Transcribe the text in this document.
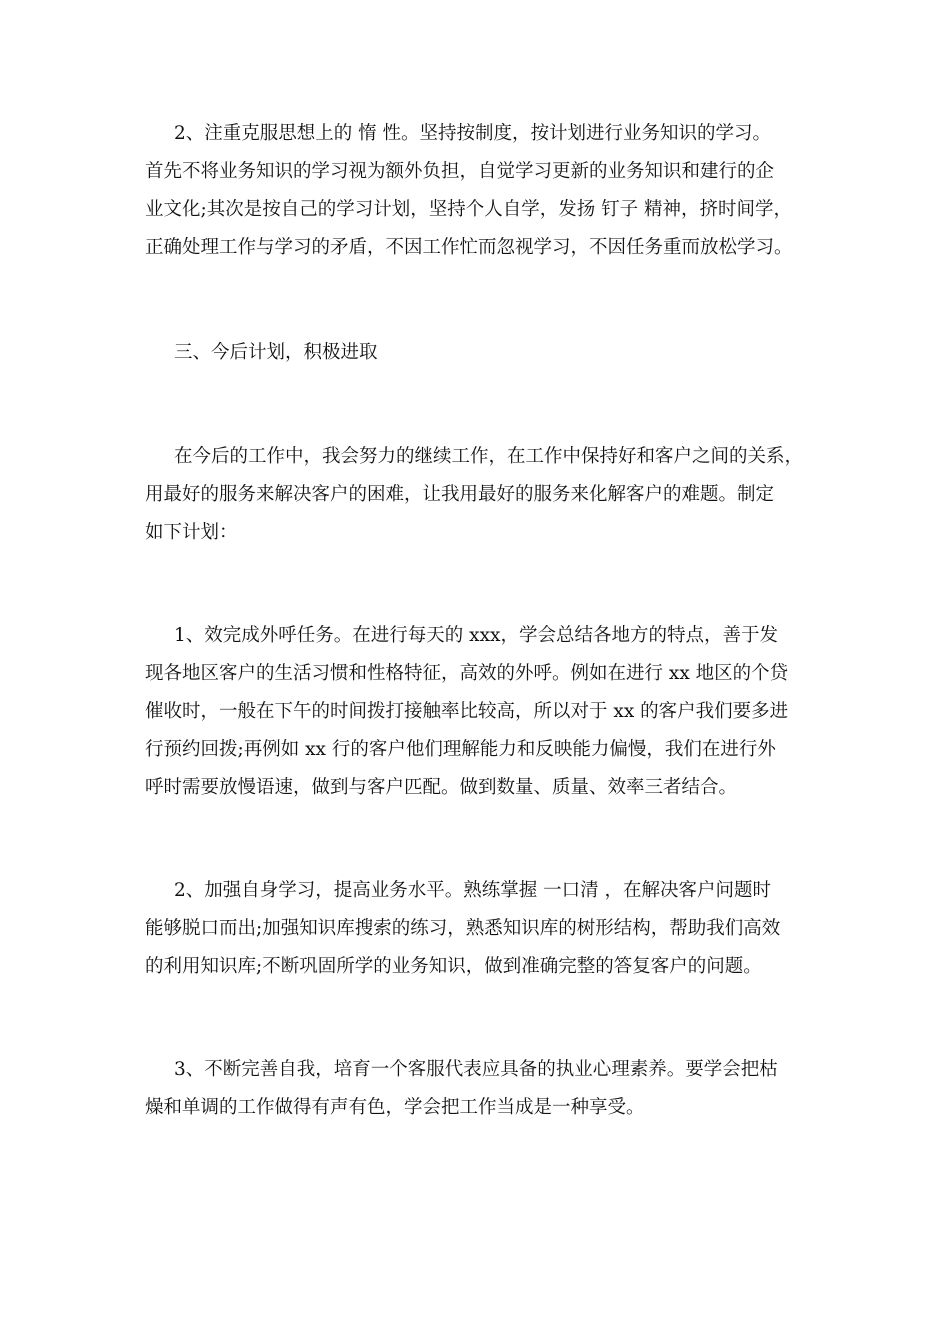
2、注重克服思想上的 惰 性。坚持按制度，按计划进行业务知识的学习。
首先不将业务知识的学习视为额外负担，自觉学习更新的业务知识和建行的企
业文化;其次是按自己的学习计划，坚持个人自学，发扬 钉子 精神，挤时间学，
正确处理工作与学习的矛盾，不因工作忙而忽视学习，不因任务重而放松学习。
三、今后计划，积极进取
在今后的工作中，我会努力的继续工作，在工作中保持好和客户之间的关系，
用最好的服务来解决客户的困难，让我用最好的服务来化解客户的难题。制定
如下计划：
1、效完成外呼任务。在进行每天的 xxx，学会总结各地方的特点，善于发
现各地区客户的生活习惯和性格特征，高效的外呼。例如在进行 xx 地区的个贷
催收时，一般在下午的时间拨打接触率比较高，所以对于 xx 的客户我们要多进
行预约回拨;再例如 xx 行的客户他们理解能力和反映能力偏慢，我们在进行外
呼时需要放慢语速，做到与客户匹配。做到数量、质量、效率三者结合。
2、加强自身学习，提高业务水平。熟练掌握 一口清 ，在解决客户问题时
能够脱口而出;加强知识库搜索的练习，熟悉知识库的树形结构，帮助我们高效
的利用知识库;不断巩固所学的业务知识，做到准确完整的答复客户的问题。
3、不断完善自我，培育一个客服代表应具备的执业心理素养。要学会把枯
燥和单调的工作做得有声有色，学会把工作当成是一种享受。
